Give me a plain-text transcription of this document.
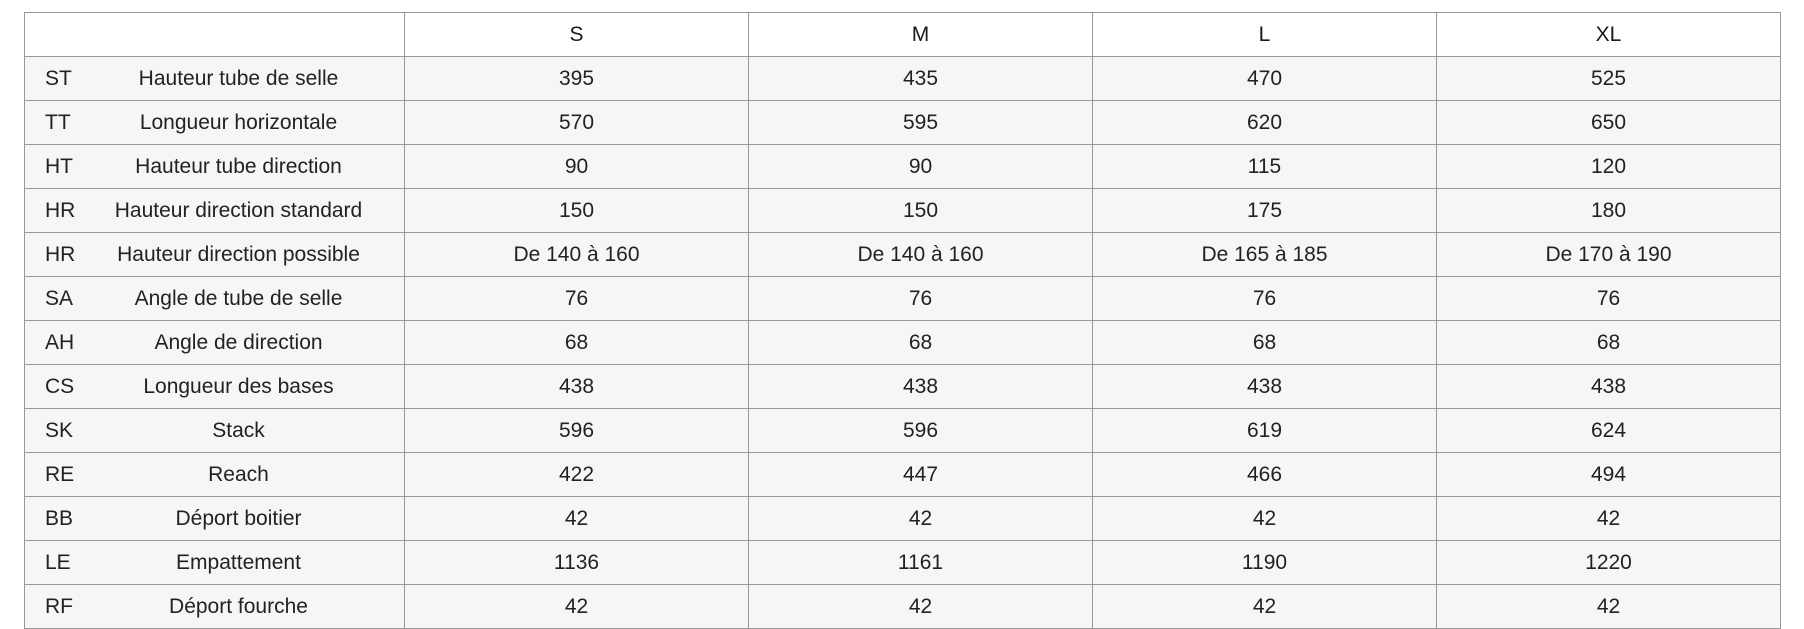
	S	M	L	XL

ST Hauteur tube de selle	395	435	470	525

TT Longueur horizontale	570	595	620	650

HT Hauteur tube direction	90	90	115	120

HR Hauteur direction standard	150	150	175	180

HR Hauteur direction possible	De 140 à 160	De 140 à 160	De 165 à 185	De 170 à 190

SA Angle de tube de selle	76	76	76	76

AH Angle de direction	68	68	68	68

CS Longueur des bases	438	438	438	438

SK Stack	596	596	619	624

RE Reach	422	447	466	494

BB Déport boitier	42	42	42	42

LE Empattement	1136	1161	1190	1220

RF Déport fourche	42	42	42	42
